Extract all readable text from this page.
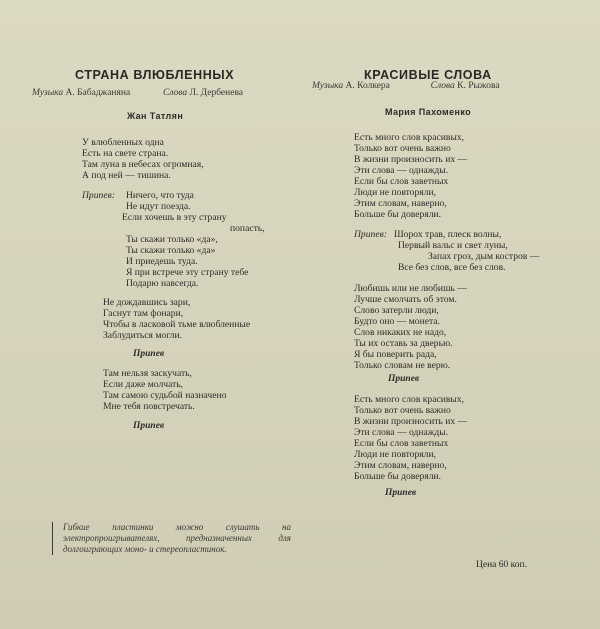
СТРАНА ВЛЮБЛЕННЫХ
Музыка А. Бабаджаняна	Слова Л. Дербенева
Жан Татлян
У влюбленных одна
Есть на свете страна.
Там луна в небесах огромная,
А под ней — тишина.
Припев: Ничего, что туда
Не идут поезда.
Если хочешь в эту страну
попасть,
Ты скажи только «да»,
Ты скажи только «да»
И приедешь туда.
Я при встрече эту страну тебе
Подарю навсегда.
Не дождавшись зари,
Гаснут там фонари,
Чтобы в ласковой тьме влюбленные
Заблудиться могли.
Припев
Там нельзя заскучать,
Если даже молчать,
Там самою судьбой назначено
Мне тебя повстречать.
Припев
КРАСИВЫЕ СЛОВА
Музыка А. Колкера	Слова К. Рыжова
Мария Пахоменко
Есть много слов красивых,
Только вот очень важно
В жизни произносить их —
Эти слова — однажды.
Если бы слов заветных
Люди не повторяли,
Этим словам, наверно,
Больше бы доверяли.
Припев: Шорох трав, плеск волны,
Первый вальс и свет луны,
Запах гроз, дым костров —
Все без слов, все без слов.
Любишь или не любишь —
Лучше смолчать об этом.
Слово затерли люди,
Будто оно — монета.
Слов никаких не надо,
Ты их оставь за дверью.
Я бы поверить рада,
Только словам не верю.
Припев
Есть много слов красивых,
Только вот очень важно
В жизни произносить их —
Эти слова — однажды.
Если бы слов заветных
Люди не повторяли,
Этим словам, наверно,
Больше бы доверяли.
Припев
Гибкие пластинки можно слушать на электропроигрывателях, предназначенных для долгоиграющих моно- и стереопластинок.
Цена 60 коп.
